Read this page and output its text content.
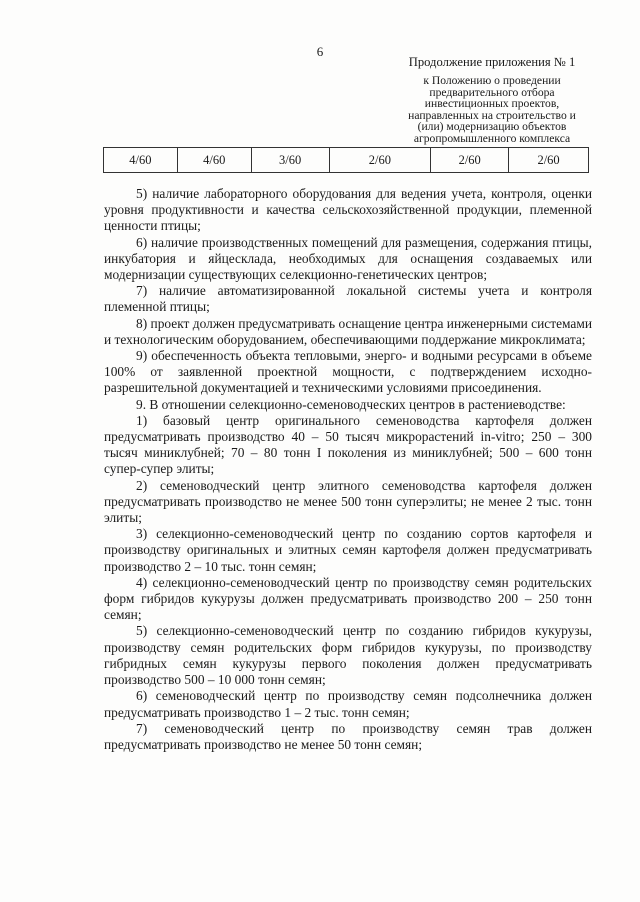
6
Продолжение приложения № 1
к Положению о проведении
предварительного отбора
инвестиционных проектов,
направленных на строительство и
(или) модернизацию объектов
агропромышленного комплекса
4/60	4/60	3/60	2/60	2/60	2/60

5) наличие лабораторного оборудования для ведения учета, контроля, оценки уровня продуктивности и качества сельскохозяйственной продукции, племенной ценности птицы;

6) наличие производственных помещений для размещения, содержания птицы, инкубатория и яйцесклада, необходимых для оснащения создаваемых или модернизации существующих селекционно-генетических центров;

7) наличие автоматизированной локальной системы учета и контроля племенной птицы;

8) проект должен предусматривать оснащение центра инженерными системами и технологическим оборудованием, обеспечивающими поддержание микроклимата;

9) обеспеченность объекта тепловыми, энерго- и водными ресурсами в объеме 100% от заявленной проектной мощности, с подтверждением исходно-разрешительной документацией и техническими условиями присоединения.

9. В отношении селекционно-семеноводческих центров в растениеводстве:

1) базовый центр оригинального семеноводства картофеля должен предусматривать производство 40 – 50 тысяч микрорастений in-vitro; 250 – 300 тысяч миниклубней; 70 – 80 тонн I поколения из миниклубней; 500 – 600 тонн супер-супер элиты;

2) семеноводческий центр элитного семеноводства картофеля должен предусматривать производство не менее 500 тонн суперэлиты; не менее 2 тыс. тонн элиты;

3) селекционно-семеноводческий центр по созданию сортов картофеля и производству оригинальных и элитных семян картофеля должен предусматривать производство 2 – 10 тыс. тонн семян;

4) селекционно-семеноводческий центр по производству семян родительских форм гибридов кукурузы должен предусматривать производство 200 – 250 тонн семян;

5) селекционно-семеноводческий центр по созданию гибридов кукурузы, производству семян родительских форм гибридов кукурузы, по производству гибридных семян кукурузы первого поколения должен предусматривать производство 500 – 10 000 тонн семян;

6) семеноводческий центр по производству семян подсолнечника должен предусматривать производство 1 – 2 тыс. тонн семян;

7) семеноводческий центр по производству семян трав должен предусматривать производство не менее 50 тонн семян;
